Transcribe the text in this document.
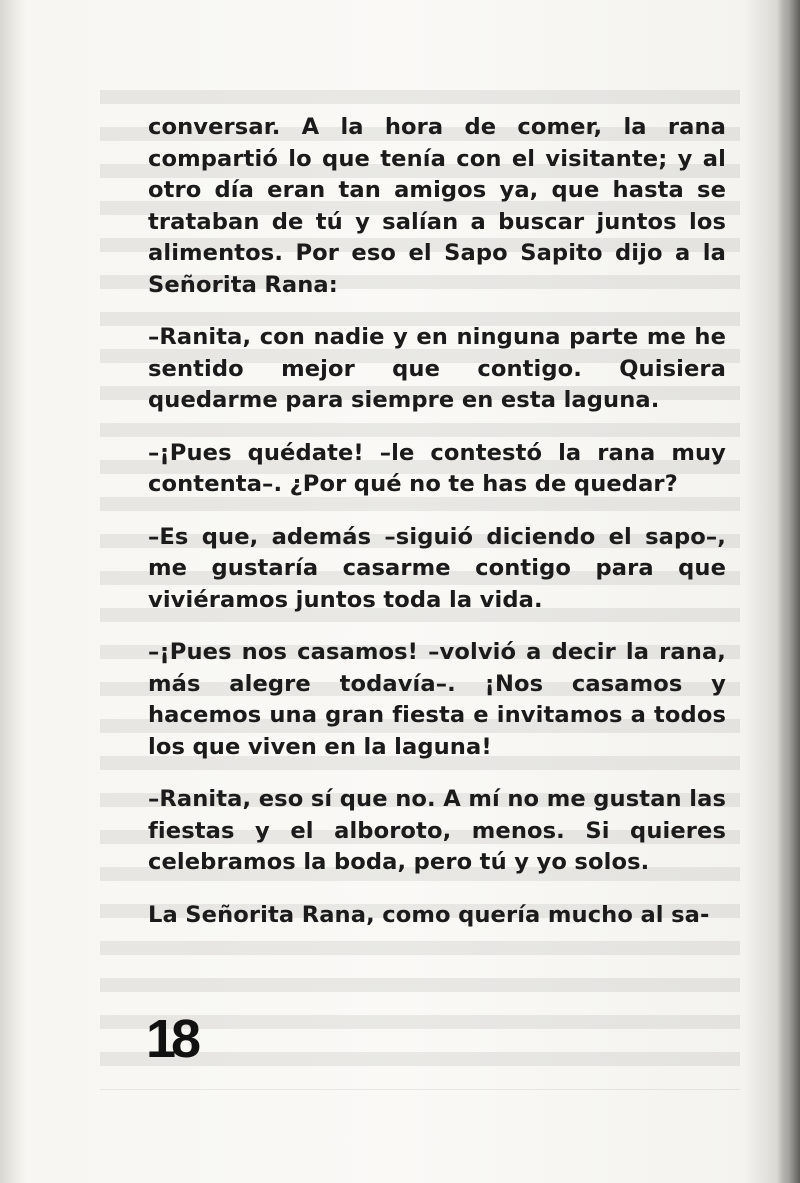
conversar. A la hora de comer, la rana compartió lo que tenía con el visitante; y al otro día eran tan amigos ya, que hasta se trataban de tú y salían a buscar juntos los alimentos. Por eso el Sapo Sapito dijo a la Señorita Rana:

–Ranita, con nadie y en ninguna parte me he sentido mejor que contigo. Quisiera quedarme para siempre en esta laguna.

–¡Pues quédate! –le contestó la rana muy contenta–. ¿Por qué no te has de quedar?

–Es que, además –siguió diciendo el sapo–, me gustaría casarme contigo para que viviéramos juntos toda la vida.

–¡Pues nos casamos! –volvió a decir la rana, más alegre todavía–. ¡Nos casamos y hacemos una gran fiesta e invitamos a todos los que viven en la laguna!

–Ranita, eso sí que no. A mí no me gustan las fiestas y el alboroto, menos. Si quieres celebramos la boda, pero tú y yo solos.

La Señorita Rana, como quería mucho al sa-

18
